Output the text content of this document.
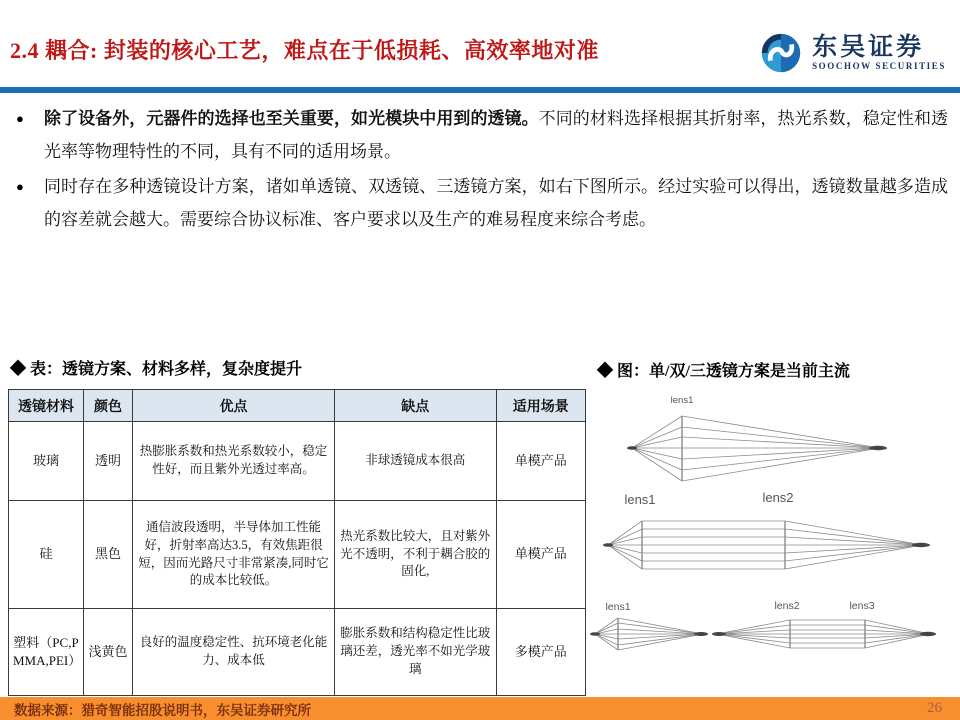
2.4 耦合: 封装的核心工艺，难点在于低损耗、高效率地对准	东吴证券
SOOCHOW SECURITIES
●	除了设备外，元器件的选择也至关重要，如光模块中用到的透镜。不同的材料选择根据其折射率，热光系数，稳定性和透光率等物理特性的不同，具有不同的适用场景。

●	同时存在多种透镜设计方案，诸如单透镜、双透镜、三透镜方案，如右下图所示。经过实验可以得出，透镜数量越多造成的容差就会越大。需要综合协议标准、客户要求以及生产的难易程度来综合考虑。

◆ 表：透镜方案、材料多样，复杂度提升
透镜材料	颜色	优点	缺点	适用场景
玻璃	透明	热膨胀系数和热光系数较小，稳定性好，而且紫外光透过率高。	非球透镜成本很高	单模产品
硅	黑色	通信波段透明，半导体加工性能好，折射率高达3.5，有效焦距很短，因而光路尺寸非常紧凑,同时它的成本比较低。	热光系数比较大，且对紫外光不透明，不利于耦合胶的固化,	单模产品
塑料（PC,PMMA,PEI）	浅黄色	良好的温度稳定性、抗环境老化能力、成本低	膨胀系数和结构稳定性比玻璃还差，透光率不如光学玻璃	多模产品
◆ 图：单/双/三透镜方案是当前主流
lens1
lens1	lens2
lens1	lens2	lens3
数据来源：猎奇智能招股说明书，东吴证券研究所	26
